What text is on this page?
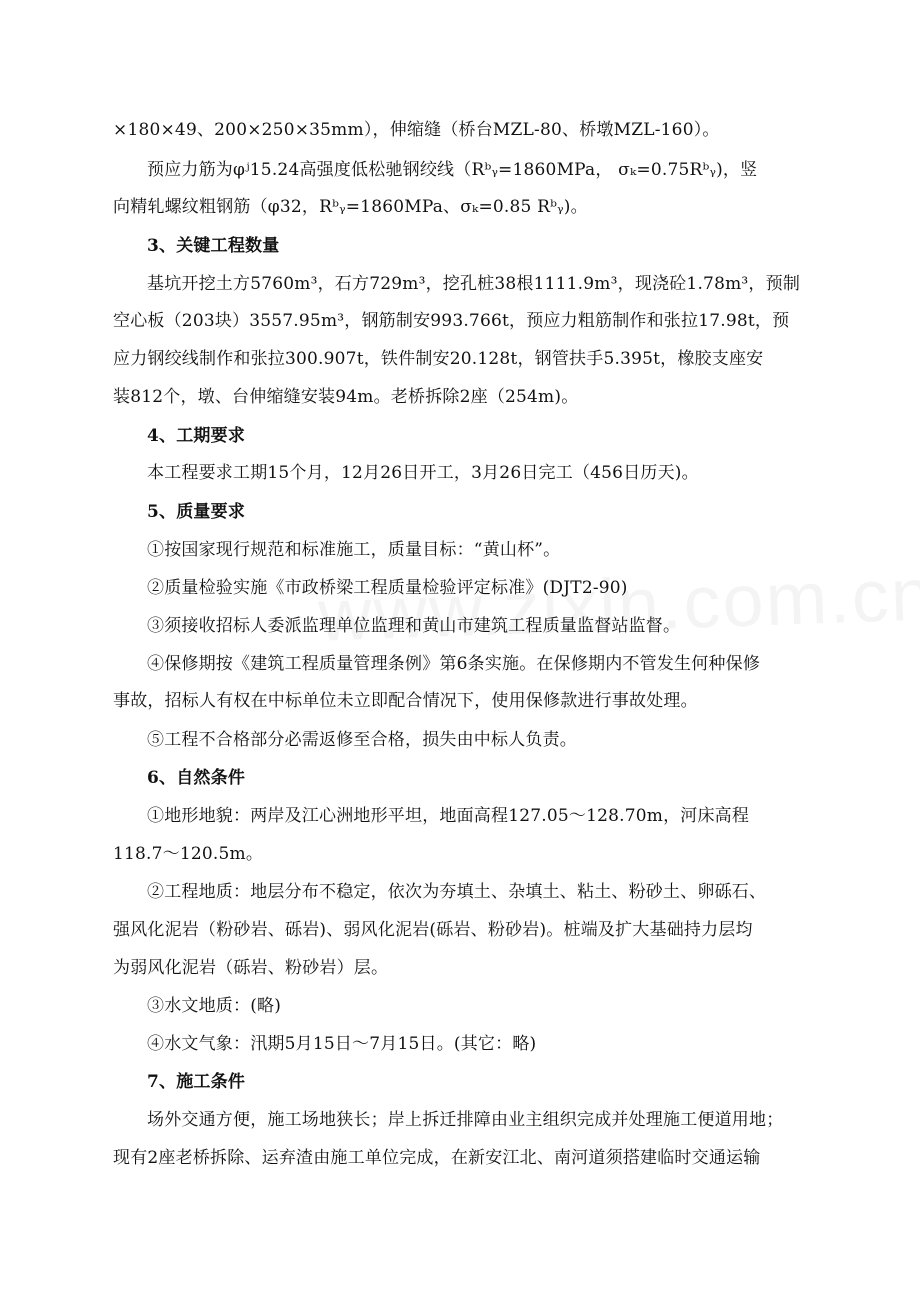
×180×49、200×250×35mm），伸缩缝（桥台MZL-80、桥墩MZL-160）。
预应力筋为φʲ15.24高强度低松驰钢绞线（Rᵇᵧ=1860MPa， σₖ=0.75Rᵇᵧ)，竖
向精轧螺纹粗钢筋（φ32，Rᵇᵧ=1860MPa、σₖ=0.85 Rᵇᵧ)。
3、关键工程数量
基坑开挖土方5760m³，石方729m³，挖孔桩38根1111.9m³，现浇砼1.78m³，预制
空心板（203块）3557.95m³，钢筋制安993.766t，预应力粗筋制作和张拉17.98t，预
应力钢绞线制作和张拉300.907t，铁件制安20.128t，钢管扶手5.395t，橡胶支座安
装812个，墩、台伸缩缝安装94m。老桥拆除2座（254m)。
4、工期要求
本工程要求工期15个月，12月26日开工，3月26日完工（456日历天)。
5、质量要求
①按国家现行规范和标准施工，质量目标：“黄山杯”。
②质量检验实施《市政桥梁工程质量检验评定标准》(DJT2-90)
③须接收招标人委派监理单位监理和黄山市建筑工程质量监督站监督。
④保修期按《建筑工程质量管理条例》第6条实施。在保修期内不管发生何种保修
事故，招标人有权在中标单位未立即配合情况下，使用保修款进行事故处理。
⑤工程不合格部分必需返修至合格，损失由中标人负责。
6、自然条件
①地形地貌：两岸及江心洲地形平坦，地面高程127.05～128.70m，河床高程
118.7～120.5m。
②工程地质：地层分布不稳定，依次为夯填土、杂填土、粘土、粉砂土、卵砾石、
强风化泥岩（粉砂岩、砾岩)、弱风化泥岩(砾岩、粉砂岩)。桩端及扩大基础持力层均
为弱风化泥岩（砾岩、粉砂岩）层。
③水文地质：(略)
④水文气象：汛期5月15日～7月15日。(其它：略)
7、施工条件
场外交通方便，施工场地狭长；岸上拆迁排障由业主组织完成并处理施工便道用地；
现有2座老桥拆除、运弃渣由施工单位完成，在新安江北、南河道须搭建临时交通运输
